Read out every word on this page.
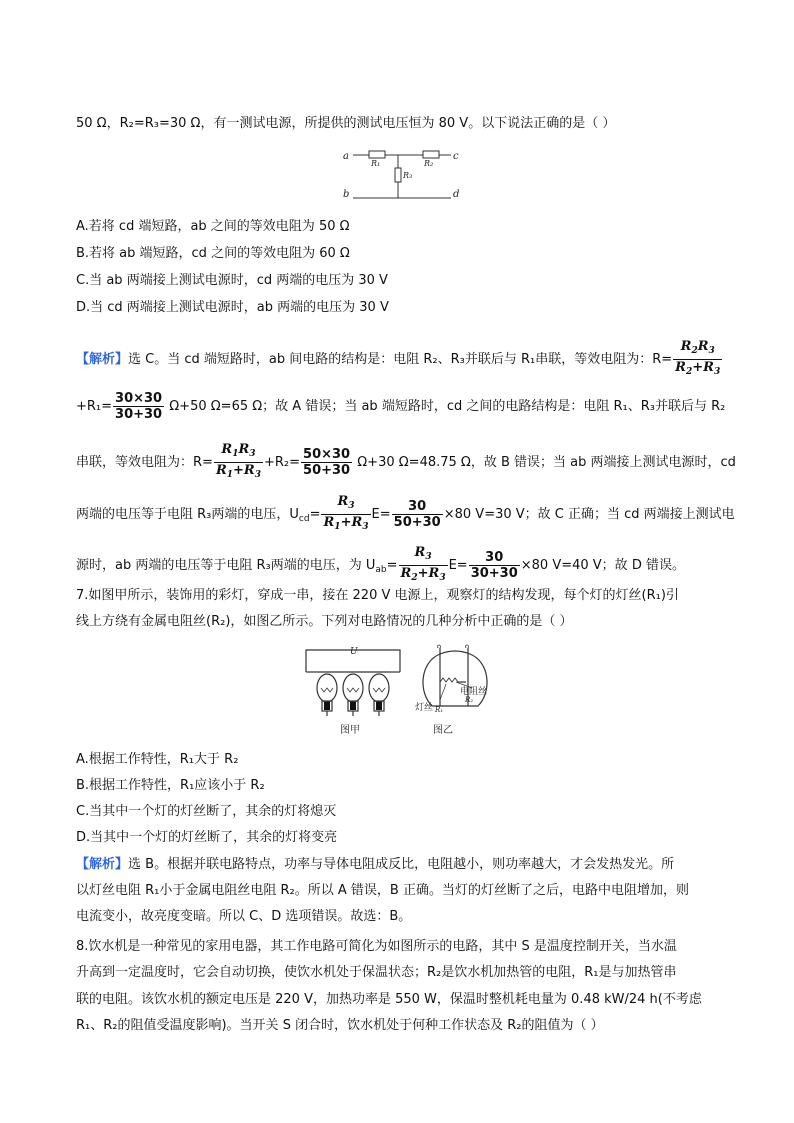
50 Ω，R₂=R₃=30 Ω，有一测试电源，所提供的测试电压恒为 80 V。以下说法正确的是（ ）
a
b
c
d
R₁	R₂
R₃
A.若将 cd 端短路，ab 之间的等效电阻为 50 Ω
B.若将 ab 端短路，cd 之间的等效电阻为 60 Ω
C.当 ab 两端接上测试电源时，cd 两端的电压为 30 V
D.当 cd 两端接上测试电源时，ab 两端的电压为 30 V
【解析】选 C。当 cd 端短路时，ab 间电路的结构是：电阻 R₂、R₃并联后与 R₁串联，等效电阻为：$R= \frac{R_2R_3}{R_2+R_3}$
$+R_1= \frac{30\times 30}{30+30} \Omega+50$ Ω=65 Ω；故 A 错误；当 ab 端短路时，cd 之间的电路结构是：电阻 R₁、R₃并联后与 R₂
串联，等效电阻为：$R= \frac{R_1R_3}{R_1+R_3} +R_2= \frac{50\times 30}{50+30} \Omega+30$ Ω=48.75 Ω，故 B 错误；当 ab 两端接上测试电源时，cd
两端的电压等于电阻 R₃两端的电压，$U_{cd}= \frac{R_3}{R_1+R_3} E= \frac{30}{50+30} \times 80$ V=30 V；故 C 正确；当 cd 两端接上测试电
源时，ab 两端的电压等于电阻 R₃两端的电压，为 $U_{ab}= \frac{R_3}{R_2+R_3} E= \frac{30}{30+30} \times 80$ V=40 V；故 D 错误。
7.如图甲所示，装饰用的彩灯，穿成一串，接在 220 V 电源上，观察灯的结构发现，每个灯的灯丝(R₁)引
线上方绕有金属电阻丝(R₂)，如图乙所示。下列对电路情况的几种分析中正确的是（ ）
U
图甲
电阻丝
灯丝 R₁
R₂
图乙
A.根据工作特性，R₁大于 R₂
B.根据工作特性，R₁应该小于 R₂
C.当其中一个灯的灯丝断了，其余的灯将熄灭
D.当其中一个灯的灯丝断了，其余的灯将变亮
【解析】选 B。根据并联电路特点，功率与导体电阻成反比，电阻越小，则功率越大，才会发热发光。所
以灯丝电阻 R₁小于金属电阻丝电阻 R₂。所以 A 错误，B 正确。当灯的灯丝断了之后，电路中电阻增加，则
电流变小，故亮度变暗。所以 C、D 选项错误。故选：B。
8.饮水机是一种常见的家用电器，其工作电路可简化为如图所示的电路，其中 S 是温度控制开关，当水温
升高到一定温度时，它会自动切换，使饮水机处于保温状态；R₂是饮水机加热管的电阻，R₁是与加热管串
联的电阻。该饮水机的额定电压是 220 V，加热功率是 550 W，保温时整机耗电量为 0.48 kW/24 h(不考虑
R₁、R₂的阻值受温度影响)。当开关 S 闭合时，饮水机处于何种工作状态及 R₂的阻值为（ ）
